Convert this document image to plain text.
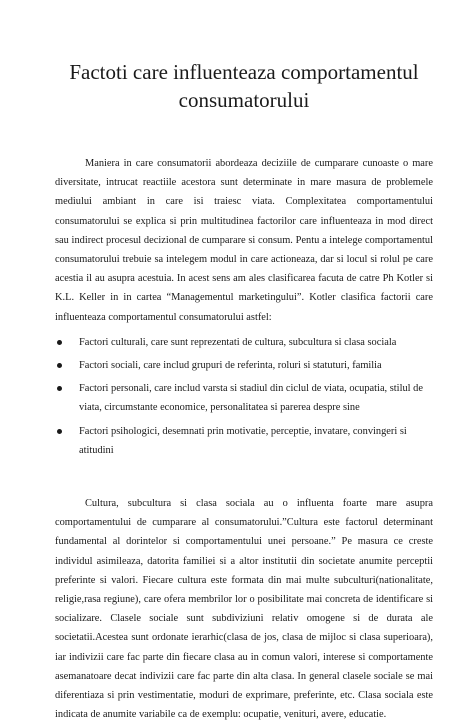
Factoti care influenteaza comportamentul consumatorului

Maniera in care consumatorii abordeaza deciziile de cumparare cunoaste o mare diversitate, intrucat reactiile acestora sunt determinate in mare masura de problemele mediului ambiant in care isi traiesc viata. Complexitatea comportamentului consumatorului se explica si prin multitudinea factorilor care influenteaza in mod direct sau indirect procesul decizional de cumparare si consum. Pentu a intelege comportamentul consumatorului trebuie sa intelegem modul in care actioneaza, dar si locul si rolul pe care acestia il au asupra acestuia. In acest sens am ales clasificarea facuta de catre Ph Kotler si K.L. Keller in in cartea “Managementul marketingului”. Kotler clasifica factorii care influenteaza comportamentul consumatorului astfel:

Factori culturali, care sunt reprezentati de cultura, subcultura si clasa sociala
Factori sociali, care includ grupuri de referinta, roluri si statuturi, familia
Factori personali, care includ varsta si stadiul din ciclul de viata, ocupatia, stilul de viata, circumstante economice, personalitatea si parerea despre sine
Factori psihologici, desemnati prin motivatie, perceptie, invatare, convingeri si atitudini

Cultura, subcultura si clasa sociala au o influenta foarte mare asupra comportamentului de cumparare al consumatorului.”Cultura este factorul determinant fundamental al dorintelor si comportamentului unei persoane.” Pe masura ce creste individul asimileaza, datorita familiei si a altor institutii din societate anumite perceptii preferinte si valori. Fiecare cultura este formata din mai multe subculturi(nationalitate, religie,rasa regiune), care ofera membrilor lor o posibilitate mai concreta de identificare si socializare. Clasele sociale sunt subdiviziuni relativ omogene si de durata ale societatii.Acestea sunt ordonate ierarhic(clasa de jos, clasa de mijloc si clasa superioara), iar indivizii care fac parte din fiecare clasa au in comun valori, interese si comportamente asemanatoare decat indivizii care fac parte din alta clasa. In general clasele sociale se mai diferentiaza si prin vestimentatie, moduri de exprimare, preferinte, etc. Clasa sociala este indicata de anumite variabile ca de exemplu: ocupatie, venituri, avere, educatie.
